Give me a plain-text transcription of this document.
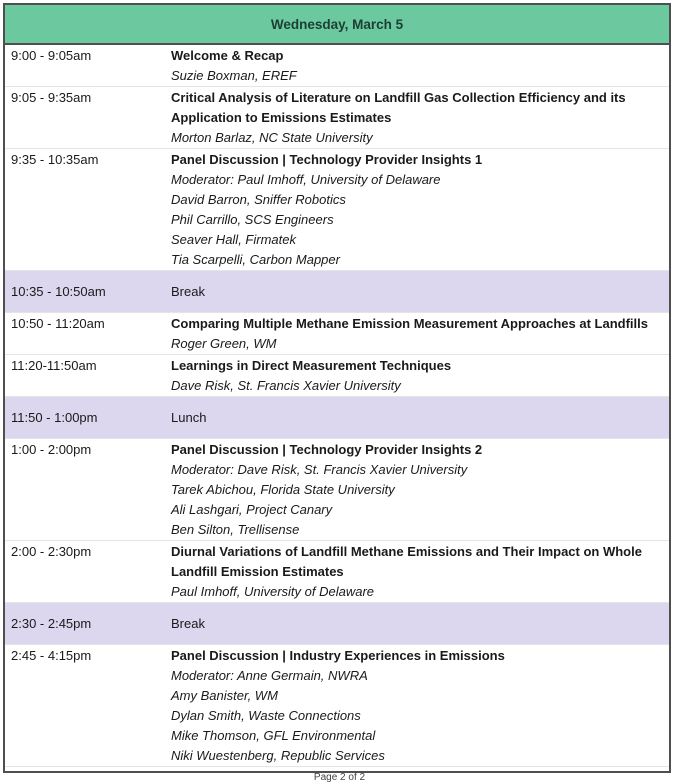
Wednesday, March 5
9:00 - 9:05am	Welcome & Recap
Suzie Boxman, EREF
9:05 - 9:35am	Critical Analysis of Literature on Landfill Gas Collection Efficiency and its Application to Emissions Estimates
Morton Barlaz, NC State University
9:35 - 10:35am	Panel Discussion | Technology Provider Insights 1
Moderator: Paul Imhoff, University of Delaware
David Barron, Sniffer Robotics
Phil Carrillo, SCS Engineers
Seaver Hall, Firmatek
Tia Scarpelli, Carbon Mapper
10:35 - 10:50am	Break
10:50 - 11:20am	Comparing Multiple Methane Emission Measurement Approaches at Landfills
Roger Green, WM
11:20-11:50am	Learnings in Direct Measurement Techniques
Dave Risk, St. Francis Xavier University
11:50 - 1:00pm	Lunch
1:00 - 2:00pm	Panel Discussion | Technology Provider Insights 2
Moderator: Dave Risk, St. Francis Xavier University
Tarek Abichou, Florida State University
Ali Lashgari, Project Canary
Ben Silton, Trellisense
2:00 - 2:30pm	Diurnal Variations of Landfill Methane Emissions and Their Impact on Whole Landfill Emission Estimates
Paul Imhoff, University of Delaware
2:30 - 2:45pm	Break
2:45 - 4:15pm	Panel Discussion | Industry Experiences in Emissions
Moderator: Anne Germain, NWRA
Amy Banister, WM
Dylan Smith, Waste Connections
Mike Thomson, GFL Environmental
Niki Wuestenberg, Republic Services
Page 2 of 2
